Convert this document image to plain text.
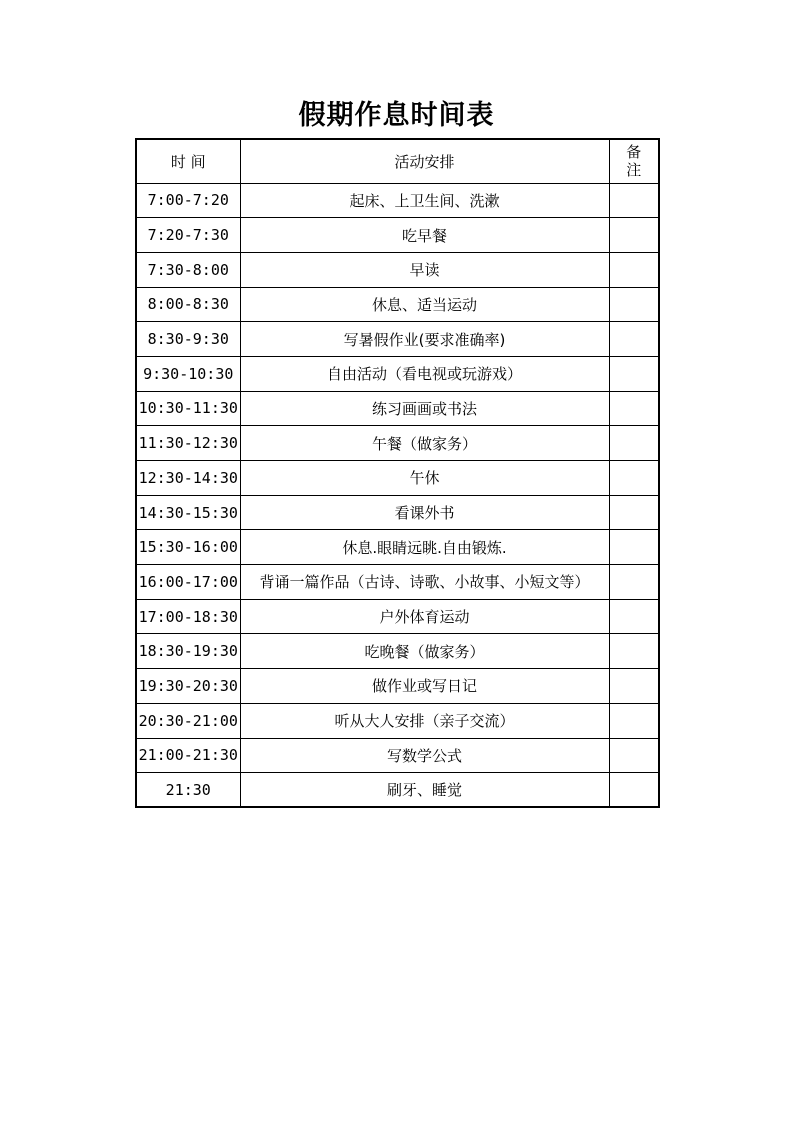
假期作息时间表
时 间	活动安排	备
注

7:00-7:20	起床、上卫生间、洗漱	
7:20-7:30	吃早餐	
7:30-8:00	早读	
8:00-8:30	休息、适当运动	
8:30-9:30	写暑假作业(要求准确率)	
9:30-10:30	自由活动（看电视或玩游戏）	
10:30-11:30	练习画画或书法	
11:30-12:30	午餐（做家务）	
12:30-14:30	午休	
14:30-15:30	看课外书	
15:30-16:00	休息.眼睛远眺.自由锻炼.	
16:00-17:00	背诵一篇作品（古诗、诗歌、小故事、小短文等）	
17:00-18:30	户外体育运动	
18:30-19:30	吃晚餐（做家务）	
19:30-20:30	做作业或写日记	
20:30-21:00	听从大人安排（亲子交流）	
21:00-21:30	写数学公式	
21:30	刷牙、睡觉	
